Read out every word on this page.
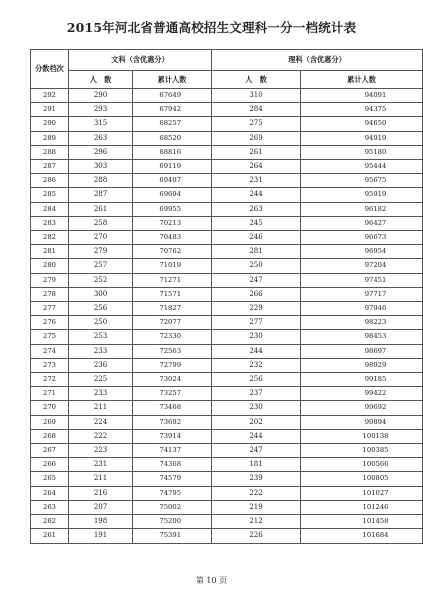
2015年河北省普通高校招生文理科一分一档统计表
分数档次	文科（含优惠分）		理科（含优惠分）	
	人　数	累计人数	人　数	累计人数
292	290	67649	310	94091
291	293	67942	284	94375
290	315	68257	275	94650
289	263	68520	269	94919
288	296	68816	261	95180
287	303	69119	264	95444
286	288	69407	231	95675
285	287	69694	244	95919
284	261	69955	263	96182
283	258	70213	245	96427
282	270	70483	246	96673
281	279	70762	281	96954
280	257	71019	250	97204
279	252	71271	247	97451
278	300	71571	266	97717
277	256	71827	229	97946
276	250	72077	277	98223
275	253	72330	230	98453
274	233	72563	244	98697
273	236	72799	232	98929
272	225	73024	256	99185
271	233	73257	237	99422
270	211	73468	230	99692
269	224	73692	202	99894
268	222	73914	244	100138
267	223	74137	247	100385
266	231	74368	181	100566
265	211	74579	239	100805
264	216	74795	222	101027
263	207	75002	219	101246
262	198	75200	212	101458
261	191	75391	226	101684
第 10 页
